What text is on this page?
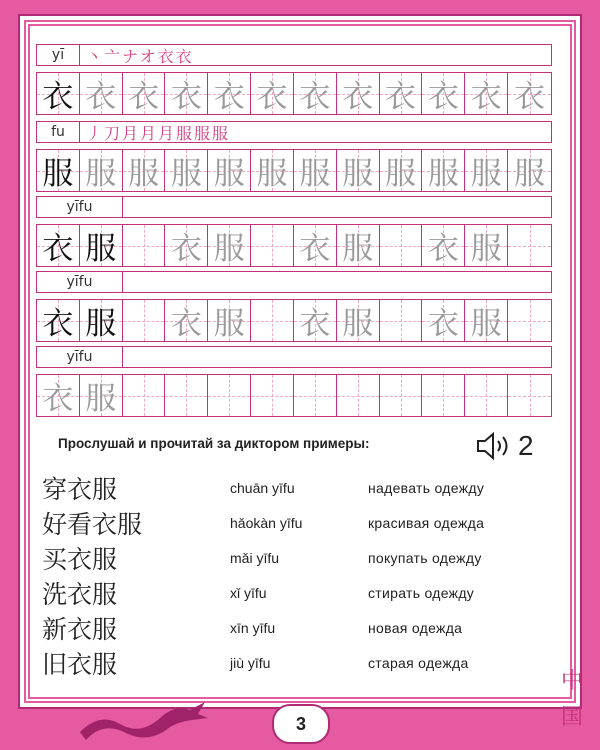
yī	丶亠ナオ衣衣
衣 衣 衣 衣 衣 衣 衣 衣 衣 衣 衣 衣
fu	丿刀月月月服服服
服 服 服 服 服 服 服 服 服 服 服 服
yīfu
衣 服 衣 服 衣 服 衣 服
yīfu
衣 服 衣 服 衣 服 衣 服
yīfu
衣 服
Прослушай и прочитай за диктором примеры:	2
穿衣服	chuān yīfu	надевать одежду
好看衣服	hǎokàn yīfu	красивая одежда
买衣服	mǎi yīfu	покупать одежду
洗衣服	xǐ yīfu	стирать одежду
新衣服	xīn yīfu	новая одежда
旧衣服	jiù yīfu	старая одежда
中
国
3
